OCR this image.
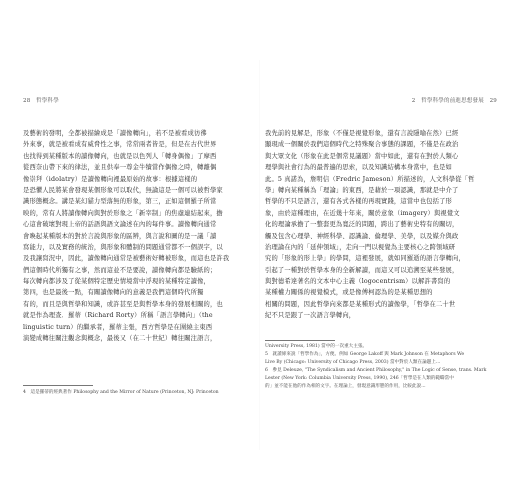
28　哲學科學	2　哲學科學的前進思想發展　29
及藝術的發明，全都被描繪成是「讀像轉向」，若不是被看成彷彿
外來事，就是被看成有威脅性之事，常常兩者皆是，但是在古代世界
也找得到某種版本的讀像轉向，也就是以色列人「轉身偶像」了摩西
從西奈山帶下來的律法，並且供奉一尊金牛犢當作偶像之時，轉離偶
像崇拜（idolatry）是讀像轉向裡最原始的故事：根據這樣的
是恐懼人民將某會發現某個形象可以取代，無論這是一個可以被哲學家
識形態概念。講是某幻貓力型落無的形象，第三，正如這個羅子所當
映的，常有人將讀像轉向與對於形象之「新宰制」的焦慮連結起來，擔
心這會破壞對現上帝的話語與語文論述在內的每件事。讀像轉向通常
會喚起某種版本的對於言說與形象的區辨，與言說和圖的是一議「讀
寫能力，以及實務的統治，與形象和體制的問題通常都不一個誤字，以
及我讓寫況中，因此，讀像轉向通常是被藝術好轉被形象，而這也是許我
們這個時代所獨有之事，然而這並不是要說，讀像轉向都是驗紙的；
每次轉向都涉及了從某個特定歷史情境當中浮現的某種特定讀像，
第四，也是最後一點，有關讀像轉向的意義是我們這個時代所獨
有的，而且是與哲學和知識，或許甚至是與哲學本身的發展相關的，也
就是作為理查．羅蒂（Richard Rorty）所稱「語言學轉向」（the
linguistic turn）的繼承者，羅蒂主張，西方哲學是在圍繞主東西
演變成轉往關注觀念與概念，最後又（在二十世紀）轉往關注語言，
我先前的見解是，形象（不僅是視覺形象，還有言說隱喻在然）已經
顯現成一個關於我們這個時代之特殊聚合事態的課題，不僅是在政治
與大眾文化（形象在此是個常見議題）當中如此，還有在對於人類心
理學與社會行為的最普遍的思索，以及知識結構本身當中，也是如
此。5 真諾為，詹明信（Fredric Jameson）所描述的，人文科學從「哲
學」轉向某種稱為「理論」的東西，是藉於一項認識，那就是中介了
哲學的不只是語言，還有各式各樣的再現實踐，這當中也包括了形
象，由於這種理由，在近幾十年來，關於意象（imagery）與視覺文
化的理論承擔了一整套更為寬泛的問題，跨出了藝術史特有的關切，
觸及包含心理學、神經科學、認識論、倫理學、美學，以及媒介與政
治理論在內的「延伸領域」，走向一門以視覺為主要核心之跨領域研
究的「形象的形上學」的學問，這裡發展，就如同羅逝的語言學轉向，
引起了一種對於哲學本身的全新解讀，而這又可以追溯至某些發展，
與對德希達著名的文本中心主義（logocentrism）以解許書寫的
某種權力關係的視覺模式，或是像傅柯認為的是某種思想的
相關的問題，因此哲學向來都是某種形式的讀像學，「哲學在二十世
紀不只是跟了一次語言學轉向，
4　這是羅蒂的經典著作 Philosophy and the Mirror of Nature (Princeton, NJ: Princeton
University Press, 1981) 當中的一次重大主張。
5　就讀條來說「哲學作為」，方便。例如 George Lakoff 與 Mark Johnson 在 Metaphors We
Live By (Chicago: University of Chicago Press, 2003) 當中對於人類在論題上...
6　參見 Deleuze, "The Syndicalism and Ancient Philosophy," in The Logic of Sense, trans. Mark
Lester (New York: Columbia University Press, 1990), 246「哲學是在人類的範疇當中
的」並不能在他的作為相的文字。在理論上，發現意識形態的作用，比較此說...
